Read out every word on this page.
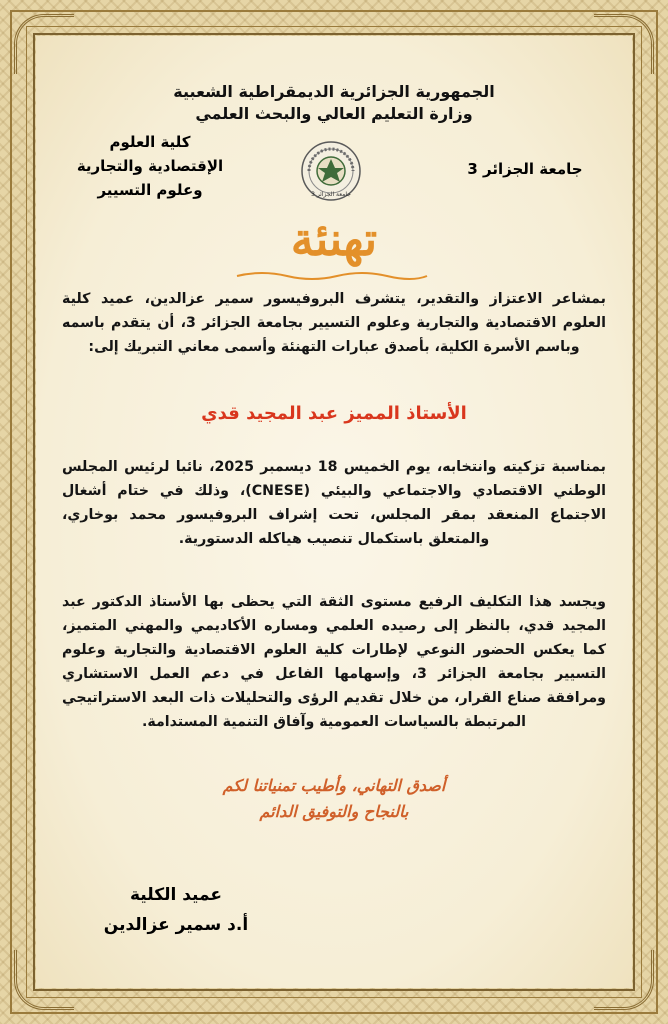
الجمهورية الجزائرية الديمقراطية الشعبية
وزارة التعليم العالي والبحث العلمي
كلية العلوم
الإقتصادية والتجارية
وعلوم التسيير	جامعة الجزائر 3
جامعة الجزائر 3
تهنئة
بمشاعر الاعتزاز والتقدير، يتشرف البروفيسور سمير عزالدين، عميد كلية العلوم الاقتصادية والتجارية وعلوم التسيير بجامعة الجزائر 3، أن يتقدم باسمه وباسم الأسرة الكلية، بأصدق عبارات التهنئة وأسمى معاني التبريك إلى:
الأستاذ المميز عبد المجيد قدي
بمناسبة تزكيته وانتخابه، يوم الخميس 18 ديسمبر 2025، نائبا لرئيس المجلس الوطني الاقتصادي والاجتماعي والبيئي (CNESE)، وذلك في ختام أشغال الاجتماع المنعقد بمقر المجلس، تحت إشراف البروفيسور محمد بوخاري، والمتعلق باستكمال تنصيب هياكله الدستورية.
ويجسد هذا التكليف الرفيع مستوى الثقة التي يحظى بها الأستاذ الدكتور عبد المجيد قدي، بالنظر إلى رصيده العلمي ومساره الأكاديمي والمهني المتميز، كما يعكس الحضور النوعي لإطارات كلية العلوم الاقتصادية والتجارية وعلوم التسيير بجامعة الجزائر 3، وإسهامها الفاعل في دعم العمل الاستشاري ومرافقة صناع القرار، من خلال تقديم الرؤى والتحليلات ذات البعد الاستراتيجي المرتبطة بالسياسات العمومية وآفاق التنمية المستدامة.
أصدق التهاني، وأطيب تمنياتنا لكم
بالنجاح والتوفيق الدائم
عميد الكلية
أ.د سمير عزالدين
